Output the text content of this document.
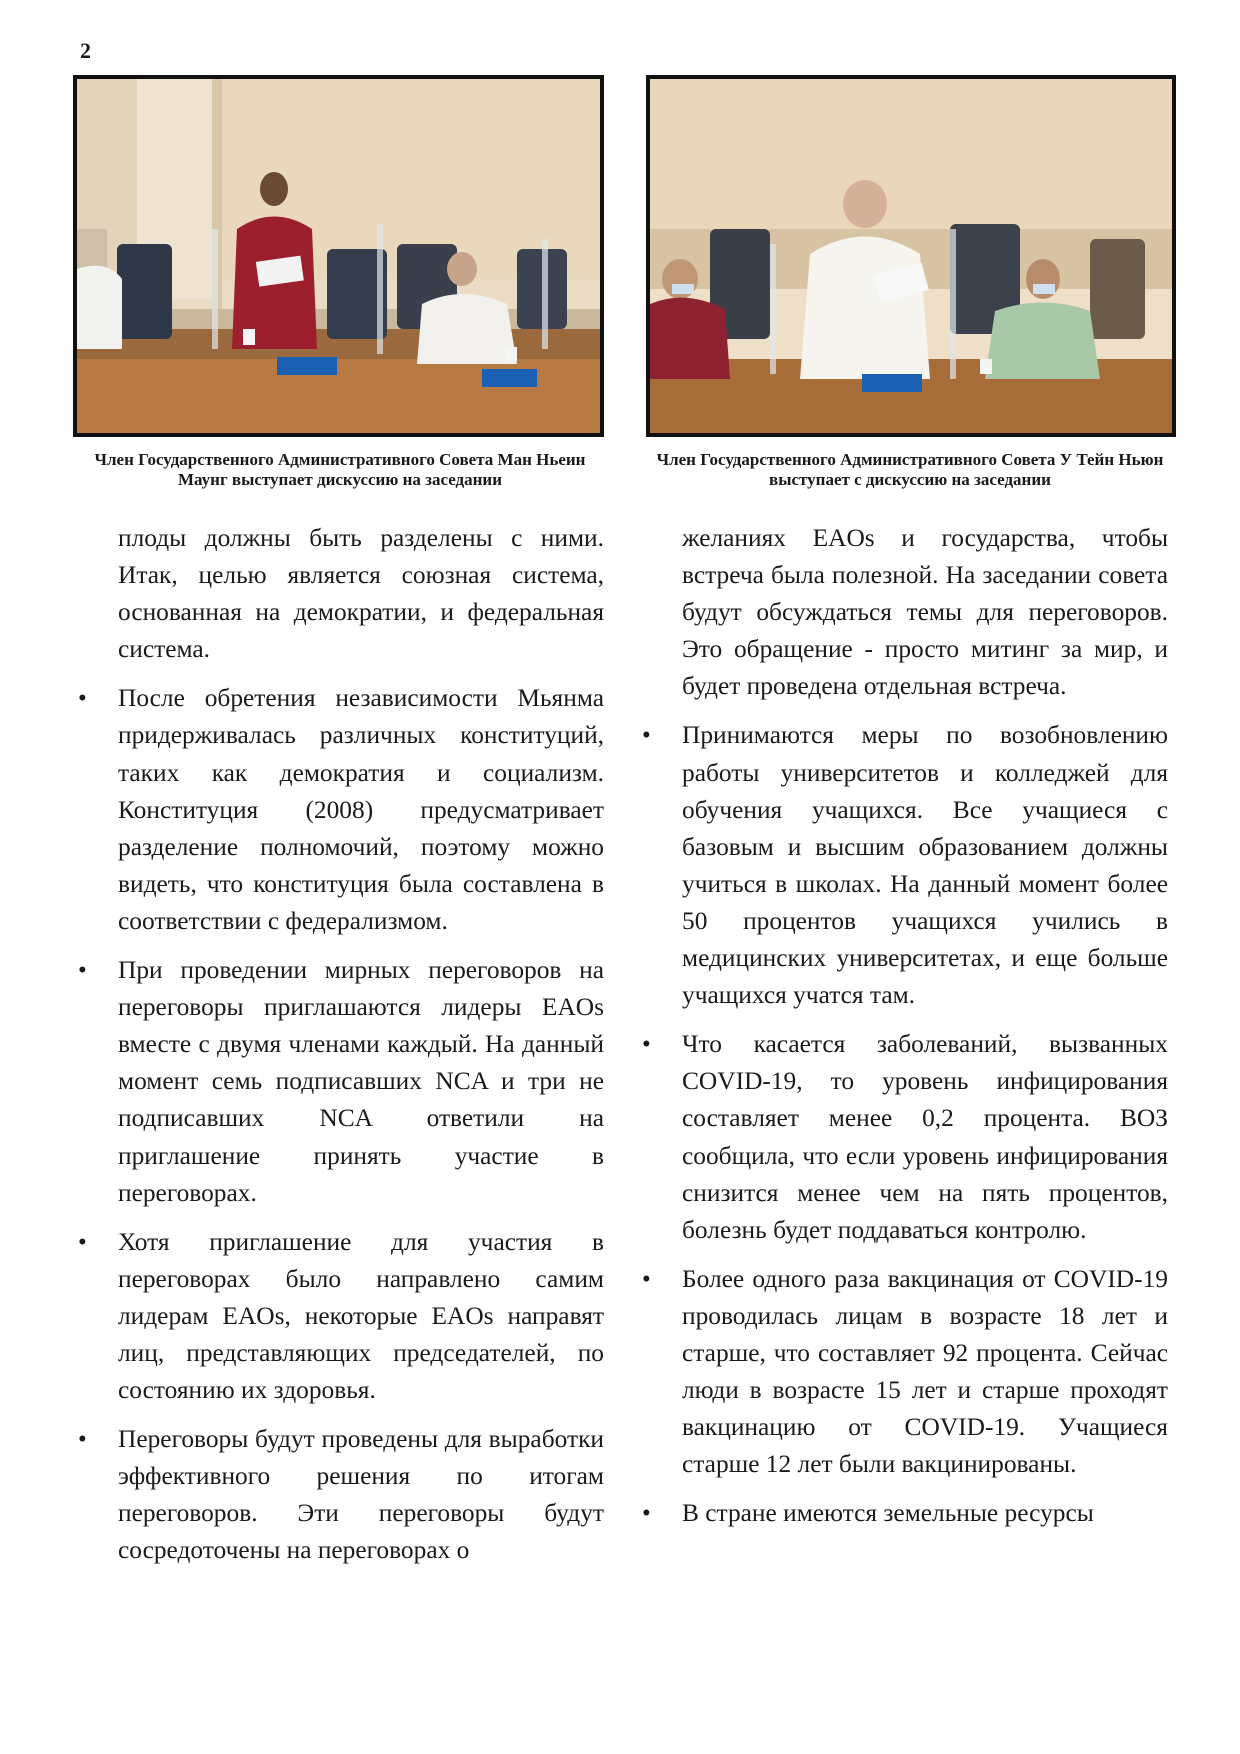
2
Член Государственного Административного Совета Ман Ньеин Маунг выступает дискуссию на заседании
Член Государственного Административного Совета У Тейн Ньюн выступает с дискуссию на заседании

плоды должны быть разделены с ними. Итак, целью является союзная система, основанная на демократии, и федеральная система.

• После обретения независимости Мьянма придерживалась различных конституций, таких как демократия и социализм. Конституция (2008) предусматривает разделение полномочий, поэтому можно видеть, что конституция была составлена в соответствии с федерализмом.

• При проведении мирных переговоров на переговоры приглашаются лидеры EAOs вместе с двумя членами каждый. На данный момент семь подписавших NCA и три не подписавших NCA ответили на приглашение принять участие в переговорах.

• Хотя приглашение для участия в переговорах было направлено самим лидерам EAOs, некоторые EAOs направят лиц, представляющих председателей, по состоянию их здоровья.

• Переговоры будут проведены для выработки эффективного решения по итогам переговоров. Эти переговоры будут сосредоточены на переговорах о

желаниях EAOs и государства, чтобы встреча была полезной. На заседании совета будут обсуждаться темы для переговоров. Это обращение - просто митинг за мир, и будет проведена отдельная встреча.

• Принимаются меры по возобновлению работы университетов и колледжей для обучения учащихся. Все учащиеся с базовым и высшим образованием должны учиться в школах. На данный момент более 50 процентов учащихся учились в медицинских университетах, и еще больше учащихся учатся там.

• Что касается заболеваний, вызванных COVID-19, то уровень инфицирования составляет менее 0,2 процента. ВОЗ сообщила, что если уровень инфицирования снизится менее чем на пять процентов, болезнь будет поддаваться контролю.

• Более одного раза вакцинация от COVID-19 проводилась лицам в возрасте 18 лет и старше, что составляет 92 процента. Сейчас люди в возрасте 15 лет и старше проходят вакцинацию от COVID-19. Учащиеся старше 12 лет были вакцинированы.

• В стране имеются земельные ресурсы
